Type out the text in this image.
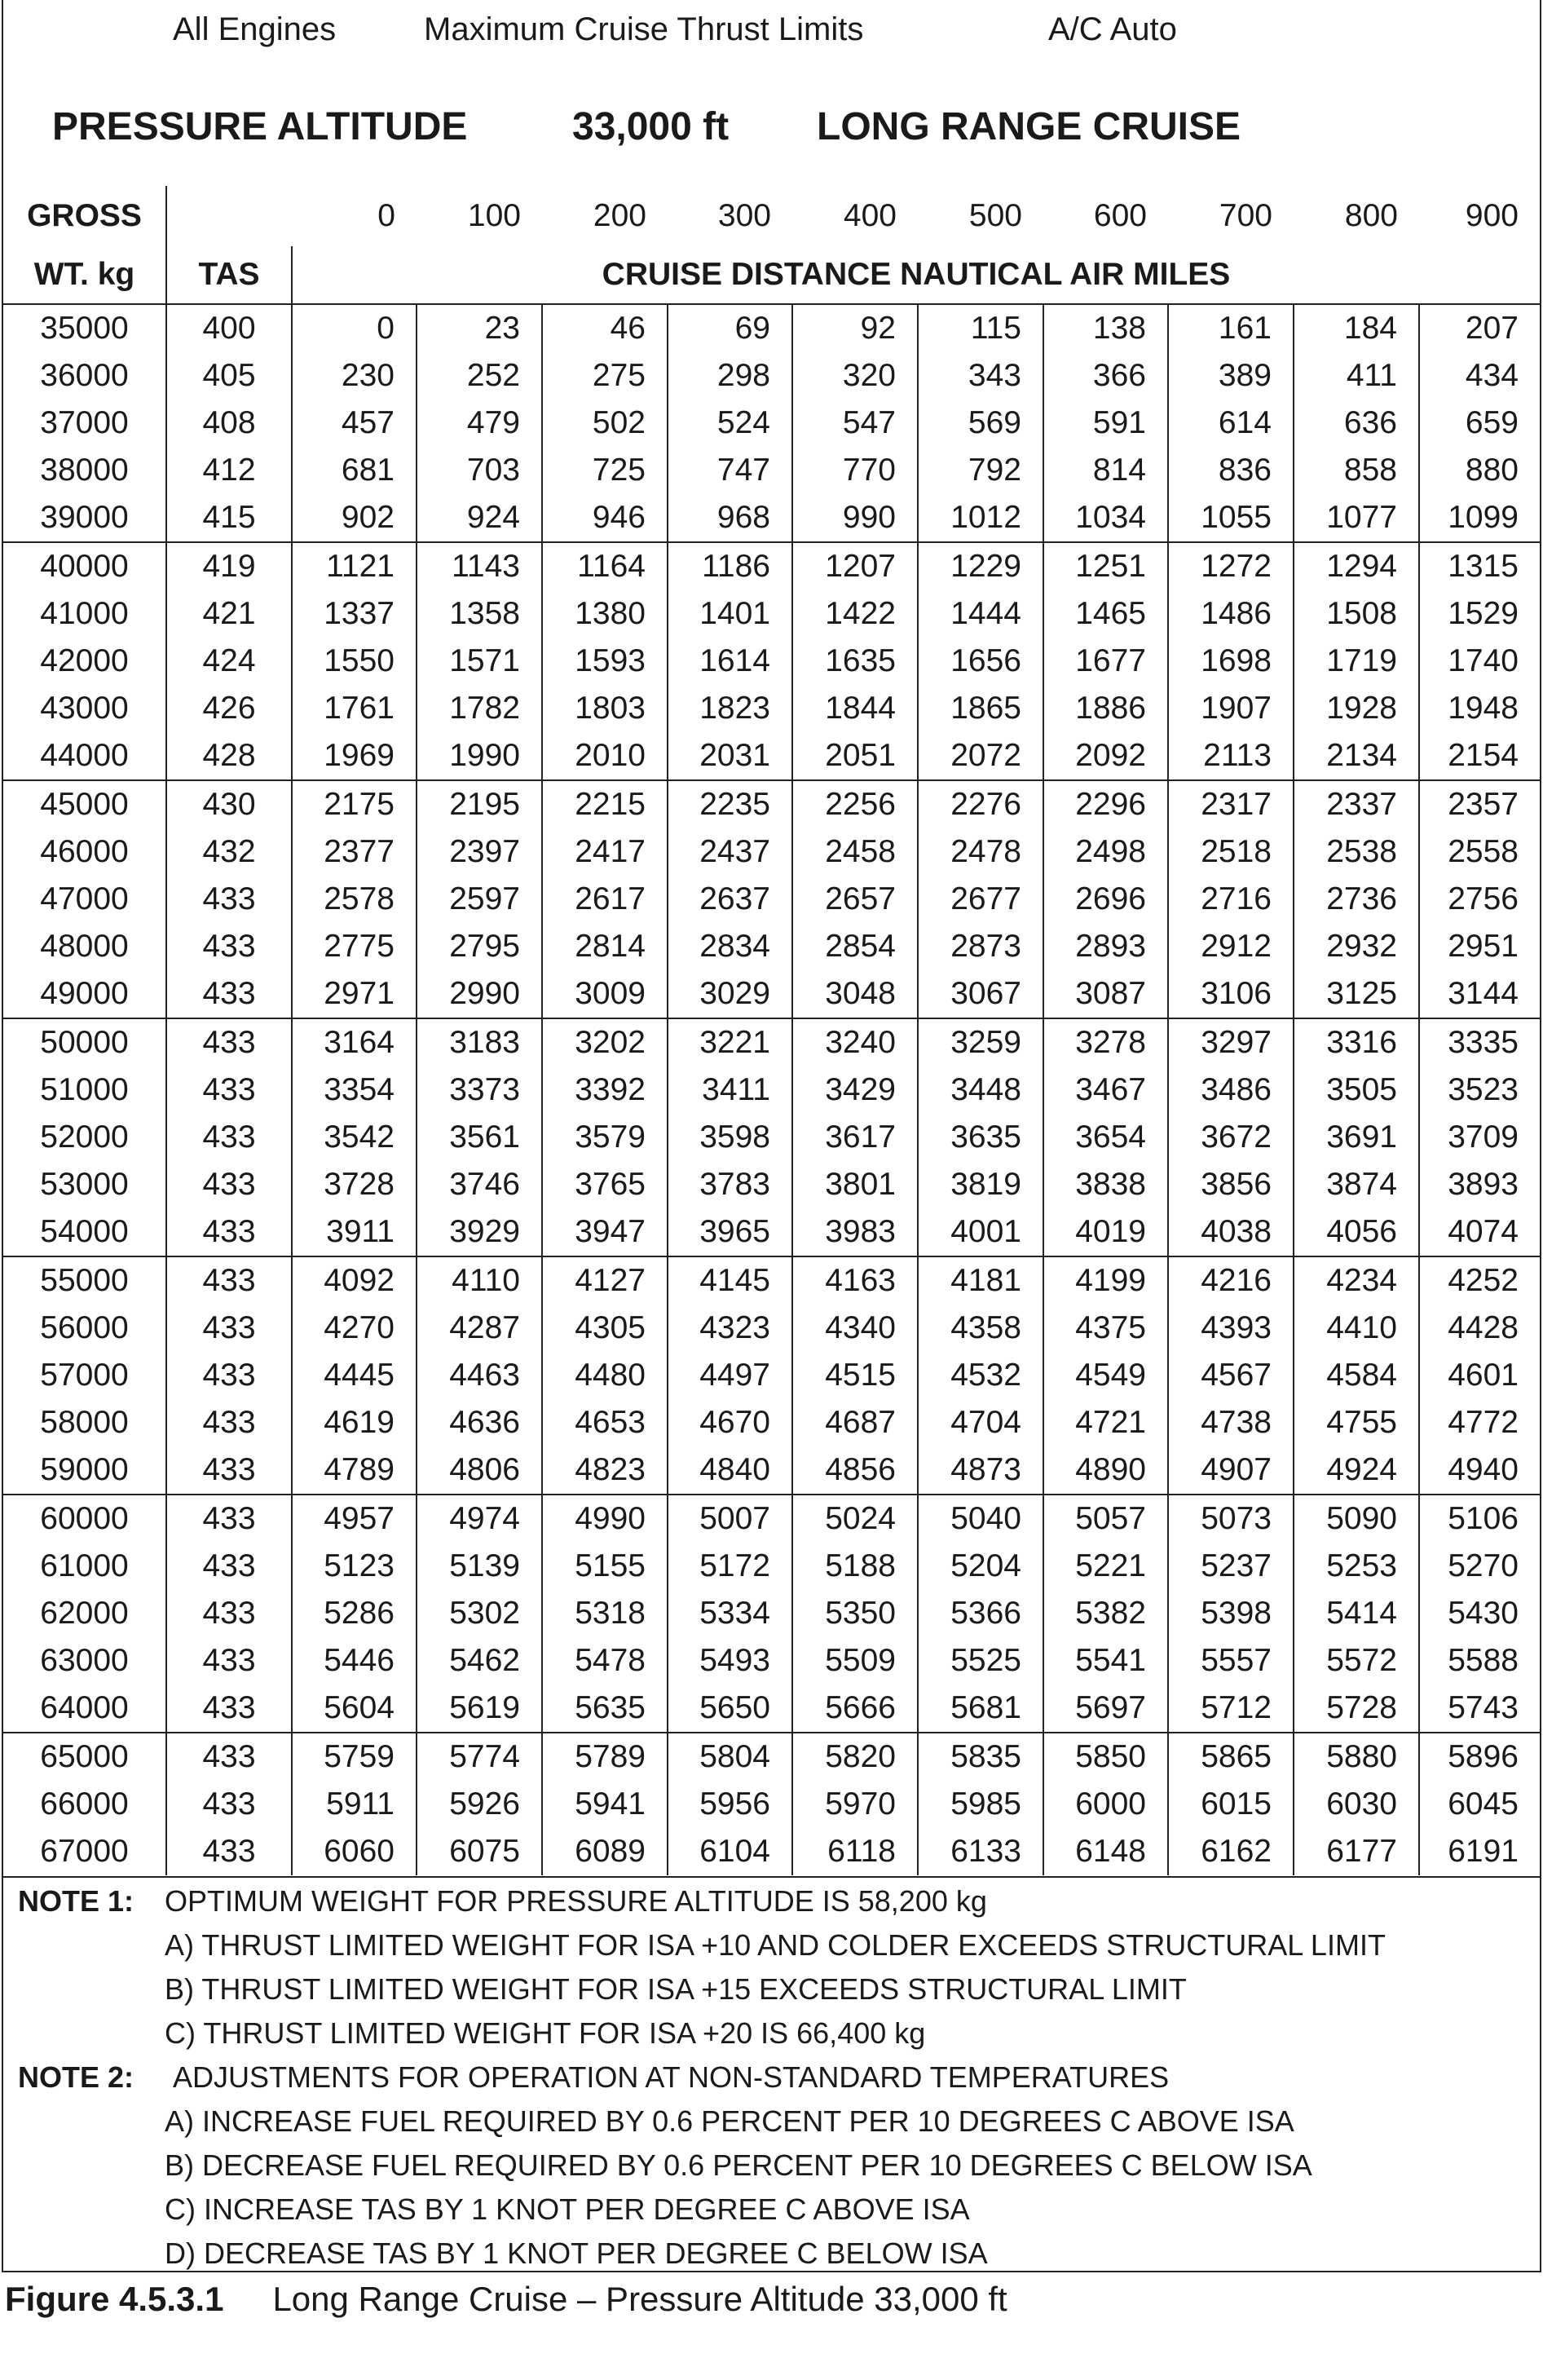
All Engines	Maximum Cruise Thrust Limits	A/C Auto
PRESSURE ALTITUDE	33,000 ft LONG RANGE CRUISE
GROSS		0	100	200	300	400	500	600	700	800	900
WT. kg	TAS	CRUISE DISTANCE NAUTICAL AIR MILES									
35000	400	0	23	46	69	92	115	138	161	184	207
36000	405	230	252	275	298	320	343	366	389	411	434
37000	408	457	479	502	524	547	569	591	614	636	659
38000	412	681	703	725	747	770	792	814	836	858	880
39000	415	902	924	946	968	990	1012	1034	1055	1077	1099
40000	419	1121	1143	1164	1186	1207	1229	1251	1272	1294	1315
41000	421	1337	1358	1380	1401	1422	1444	1465	1486	1508	1529
42000	424	1550	1571	1593	1614	1635	1656	1677	1698	1719	1740
43000	426	1761	1782	1803	1823	1844	1865	1886	1907	1928	1948
44000	428	1969	1990	2010	2031	2051	2072	2092	2113	2134	2154
45000	430	2175	2195	2215	2235	2256	2276	2296	2317	2337	2357
46000	432	2377	2397	2417	2437	2458	2478	2498	2518	2538	2558
47000	433	2578	2597	2617	2637	2657	2677	2696	2716	2736	2756
48000	433	2775	2795	2814	2834	2854	2873	2893	2912	2932	2951
49000	433	2971	2990	3009	3029	3048	3067	3087	3106	3125	3144
50000	433	3164	3183	3202	3221	3240	3259	3278	3297	3316	3335
51000	433	3354	3373	3392	3411	3429	3448	3467	3486	3505	3523
52000	433	3542	3561	3579	3598	3617	3635	3654	3672	3691	3709
53000	433	3728	3746	3765	3783	3801	3819	3838	3856	3874	3893
54000	433	3911	3929	3947	3965	3983	4001	4019	4038	4056	4074
55000	433	4092	4110	4127	4145	4163	4181	4199	4216	4234	4252
56000	433	4270	4287	4305	4323	4340	4358	4375	4393	4410	4428
57000	433	4445	4463	4480	4497	4515	4532	4549	4567	4584	4601
58000	433	4619	4636	4653	4670	4687	4704	4721	4738	4755	4772
59000	433	4789	4806	4823	4840	4856	4873	4890	4907	4924	4940
60000	433	4957	4974	4990	5007	5024	5040	5057	5073	5090	5106
61000	433	5123	5139	5155	5172	5188	5204	5221	5237	5253	5270
62000	433	5286	5302	5318	5334	5350	5366	5382	5398	5414	5430
63000	433	5446	5462	5478	5493	5509	5525	5541	5557	5572	5588
64000	433	5604	5619	5635	5650	5666	5681	5697	5712	5728	5743
65000	433	5759	5774	5789	5804	5820	5835	5850	5865	5880	5896
66000	433	5911	5926	5941	5956	5970	5985	6000	6015	6030	6045
67000	433	6060	6075	6089	6104	6118	6133	6148	6162	6177	6191
NOTE 1: OPTIMUM WEIGHT FOR PRESSURE ALTITUDE IS 58,200 kg
A) THRUST LIMITED WEIGHT FOR ISA +10 AND COLDER EXCEEDS STRUCTURAL LIMIT
B) THRUST LIMITED WEIGHT FOR ISA +15 EXCEEDS STRUCTURAL LIMIT
C) THRUST LIMITED WEIGHT FOR ISA +20 IS 66,400 kg
NOTE 2: ADJUSTMENTS FOR OPERATION AT NON-STANDARD TEMPERATURES
A) INCREASE FUEL REQUIRED BY 0.6 PERCENT PER 10 DEGREES C ABOVE ISA
B) DECREASE FUEL REQUIRED BY 0.6 PERCENT PER 10 DEGREES C BELOW ISA
C) INCREASE TAS BY 1 KNOT PER DEGREE C ABOVE ISA
D) DECREASE TAS BY 1 KNOT PER DEGREE C BELOW ISA
Figure 4.5.3.1 Long Range Cruise – Pressure Altitude 33,000 ft
